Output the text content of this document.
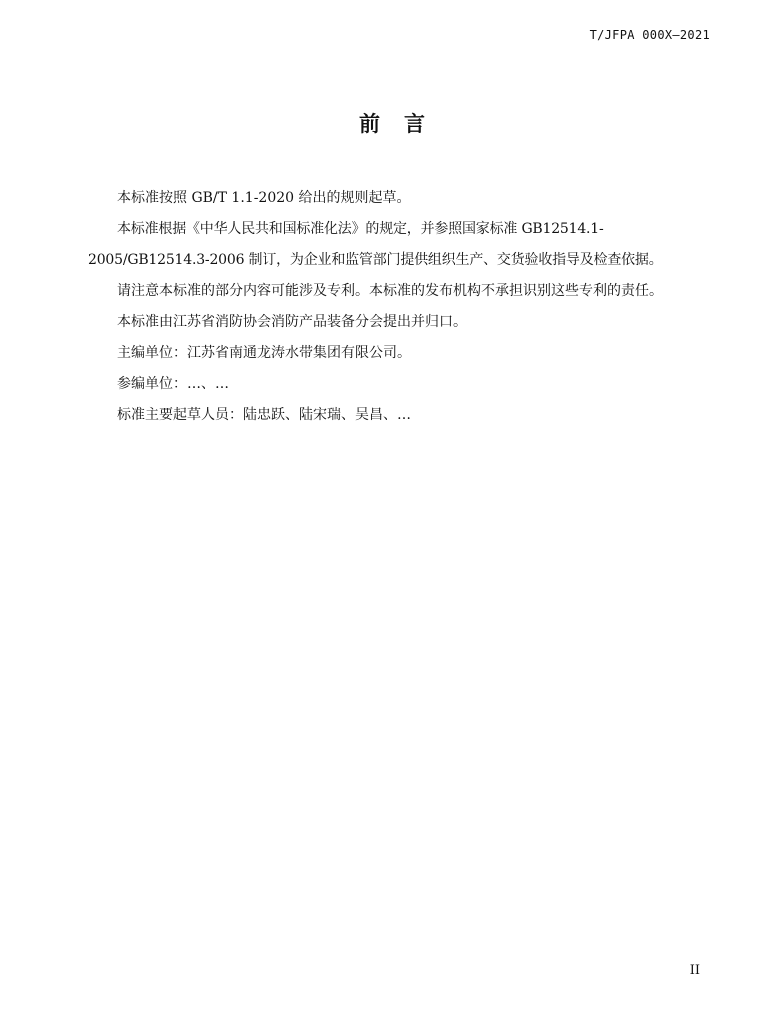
T/JFPA 000X—2021
前言

本标准按照 GB/T 1.1-2020 给出的规则起草。

本标准根据《中华人民共和国标准化法》的规定，并参照国家标准 GB12514.1-2005/GB12514.3-2006 制订，为企业和监管部门提供组织生产、交货验收指导及检查依据。

请注意本标准的部分内容可能涉及专利。本标准的发布机构不承担识别这些专利的责任。

本标准由江苏省消防协会消防产品装备分会提出并归口。

主编单位：江苏省南通龙涛水带集团有限公司。

参编单位：…、…

标准主要起草人员：陆忠跃、陆宋瑞、吴昌、…

II
